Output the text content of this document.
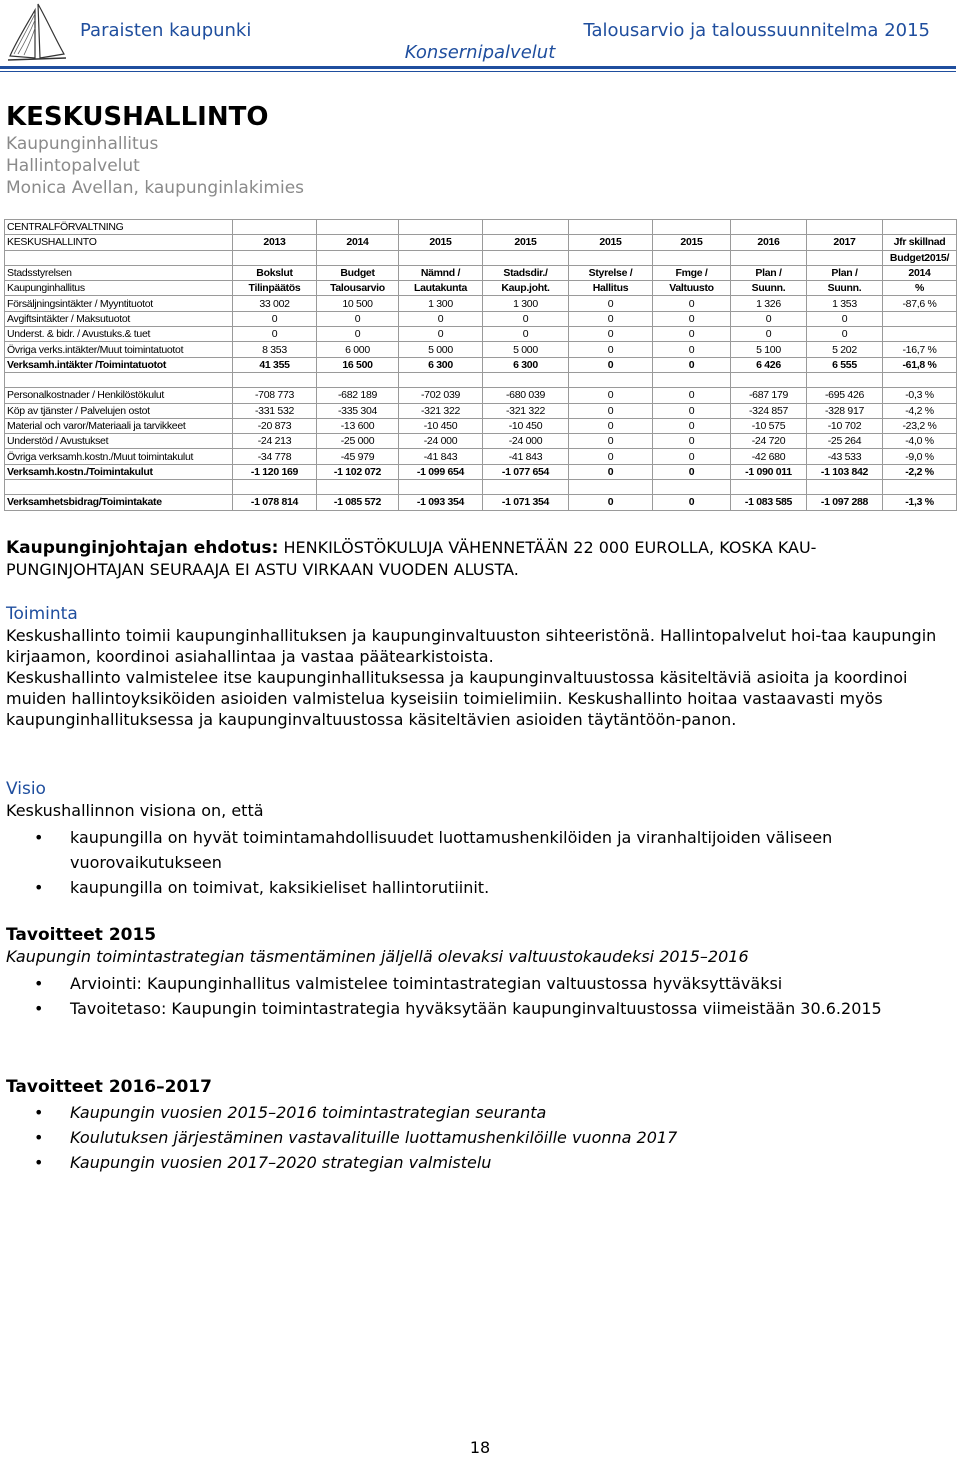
Paraisten kaupunki	Talousarvio ja taloussuunnitelma 2015
Konsernipalvelut
KESKUSHALLINTO
Kaupunginhallitus
Hallintopalvelut
Monica Avellan, kaupunginlakimies
CENTRALFÖRVALTNING									
KESKUSHALLINTO	2013	2014	2015	2015	2015	2015	2016	2017	Jfr skillnad
									Budget2015/
Stadsstyrelsen	Bokslut	Budget	Nämnd /	Stadsdir./	Styrelse /	Fmge /	Plan /	Plan /	2014
Kaupunginhallitus	Tilinpäätös	Talousarvio	Lautakunta	Kaup.joht.	Hallitus	Valtuusto	Suunn.	Suunn.	%
Försäljningsintäkter / Myyntituotot	33 002	10 500	1 300	1 300	0	0	1 326	1 353	-87,6 %
Avgiftsintäkter / Maksutuotot	0	0	0	0	0	0	0	0	
Underst. & bidr. / Avustuks.& tuet	0	0	0	0	0	0	0	0	
Övriga verks.intäkter/Muut toimintatuotot	8 353	6 000	5 000	5 000	0	0	5 100	5 202	-16,7 %
Verksamh.intäkter /Toimintatuotot	41 355	16 500	6 300	6 300	0	0	6 426	6 555	-61,8 %

Personalkostnader / Henkilöstökulut	-708 773	-682 189	-702 039	-680 039	0	0	-687 179	-695 426	-0,3 %
Köp av tjänster / Palvelujen ostot	-331 532	-335 304	-321 322	-321 322	0	0	-324 857	-328 917	-4,2 %
Material och varor/Materiaali ja tarvikkeet	-20 873	-13 600	-10 450	-10 450	0	0	-10 575	-10 702	-23,2 %
Understöd / Avustukset	-24 213	-25 000	-24 000	-24 000	0	0	-24 720	-25 264	-4,0 %
Övriga verksamh.kostn./Muut toimintakulut	-34 778	-45 979	-41 843	-41 843	0	0	-42 680	-43 533	-9,0 %
Verksamh.kostn./Toimintakulut	-1 120 169	-1 102 072	-1 099 654	-1 077 654	0	0	-1 090 011	-1 103 842	-2,2 %

Verksamhetsbidrag/Toimintakate	-1 078 814	-1 085 572	-1 093 354	-1 071 354	0	0	-1 083 585	-1 097 288	-1,3 %
Kaupunginjohtajan ehdotus: HENKILÖSTÖKULUJA VÄHENNETÄÄN 22 000 EUROLLA, KOSKA KAU-PUNGINJOHTAJAN SEURAAJA EI ASTU VIRKAAN VUODEN ALUSTA.
Toiminta
Keskushallinto toimii kaupunginhallituksen ja kaupunginvaltuuston sihteeristönä. Hallintopalvelut hoi-taa kaupungin kirjaamon, koordinoi asiahallintaa ja vastaa päätearkistoista.
Keskushallinto valmistelee itse kaupunginhallituksessa ja kaupunginvaltuustossa käsiteltäviä asioita ja koordinoi muiden hallintoyksiköiden asioiden valmistelua kyseisiin toimielimiin. Keskushallinto hoitaa vastaavasti myös kaupunginhallituksessa ja kaupunginvaltuustossa käsiteltävien asioiden täytäntöön-panon.
Visio
Keskushallinnon visiona on, että
• kaupungilla on hyvät toimintamahdollisuudet luottamushenkilöiden ja viranhaltijoiden väliseen vuorovaikutukseen
• kaupungilla on toimivat, kaksikieliset hallintorutiinit.
Tavoitteet 2015
Kaupungin toimintastrategian täsmentäminen jäljellä olevaksi valtuustokaudeksi 2015–2016
• Arviointi: Kaupunginhallitus valmistelee toimintastrategian valtuustossa hyväksyttäväksi
• Tavoitetaso: Kaupungin toimintastrategia hyväksytään kaupunginvaltuustossa viimeistään 30.6.2015
Tavoitteet 2016–2017
• Kaupungin vuosien 2015–2016 toimintastrategian seuranta
• Koulutuksen järjestäminen vastavalituille luottamushenkilöille vuonna 2017
• Kaupungin vuosien 2017–2020 strategian valmistelu
18
